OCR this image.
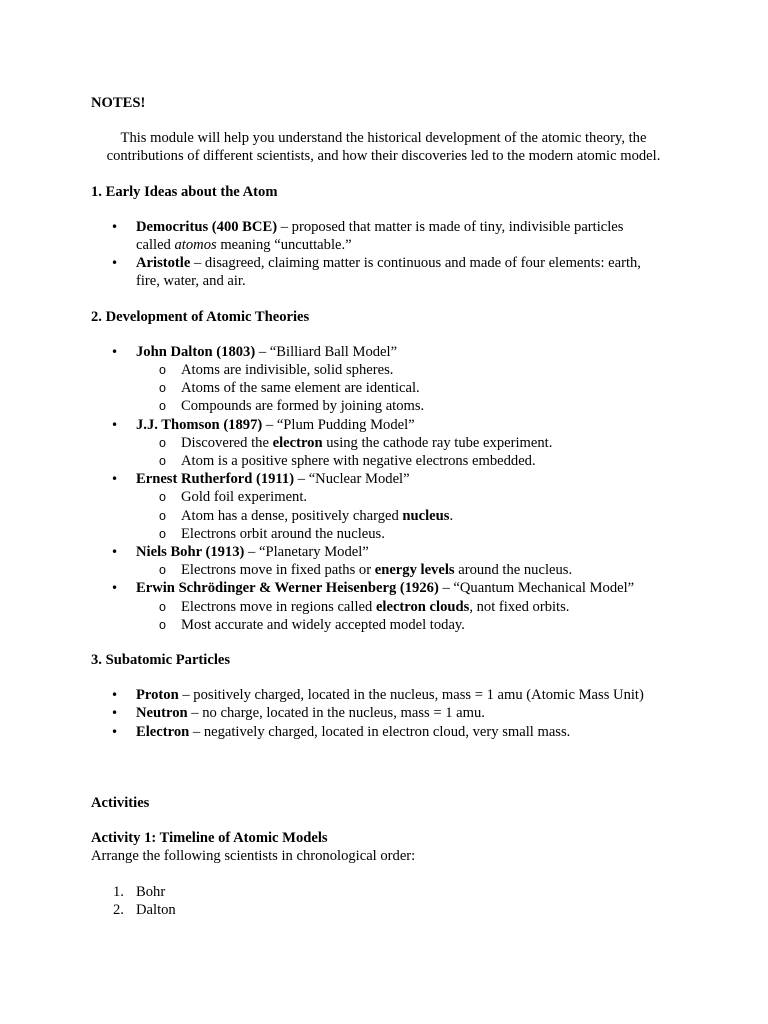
NOTES!
This module will help you understand the historical development of the atomic theory, the
contributions of different scientists, and how their discoveries led to the modern atomic model.
1. Early Ideas about the Atom
• Democritus (400 BCE) – proposed that matter is made of tiny, indivisible particles
called atomos meaning “uncuttable.”
• Aristotle – disagreed, claiming matter is continuous and made of four elements: earth,
fire, water, and air.
2. Development of Atomic Theories
• John Dalton (1803) – “Billiard Ball Model”
o Atoms are indivisible, solid spheres.
o Atoms of the same element are identical.
o Compounds are formed by joining atoms.
• J.J. Thomson (1897) – “Plum Pudding Model”
o Discovered the electron using the cathode ray tube experiment.
o Atom is a positive sphere with negative electrons embedded.
• Ernest Rutherford (1911) – “Nuclear Model”
o Gold foil experiment.
o Atom has a dense, positively charged nucleus.
o Electrons orbit around the nucleus.
• Niels Bohr (1913) – “Planetary Model”
o Electrons move in fixed paths or energy levels around the nucleus.
• Erwin Schrödinger & Werner Heisenberg (1926) – “Quantum Mechanical Model”
o Electrons move in regions called electron clouds, not fixed orbits.
o Most accurate and widely accepted model today.
3. Subatomic Particles
• Proton – positively charged, located in the nucleus, mass = 1 amu (Atomic Mass Unit)
• Neutron – no charge, located in the nucleus, mass = 1 amu.
• Electron – negatively charged, located in electron cloud, very small mass.
Activities
Activity 1: Timeline of Atomic Models
Arrange the following scientists in chronological order:
1. Bohr
2. Dalton
